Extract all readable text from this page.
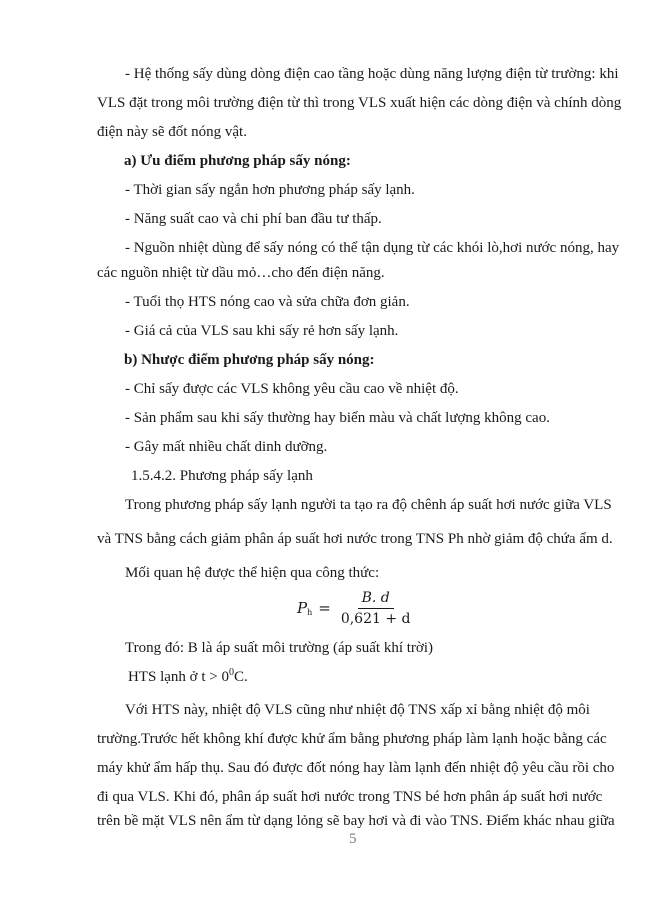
- Hệ thống sấy dùng dòng điện cao tầng hoặc dùng năng lượng điện từ trường: khi
VLS đặt trong môi trường điện từ thì trong VLS xuất hiện các dòng điện và chính dòng
điện này sẽ đốt nóng vật.
a) Ưu điểm phương pháp sấy nóng:
- Thời gian sấy ngắn hơn phương pháp sấy lạnh.
- Năng suất cao và chi phí ban đầu tư thấp.
- Nguồn nhiệt dùng để sấy nóng có thể tận dụng từ các khói lò,hơi nước nóng, hay
các nguồn nhiệt từ dầu mỏ…cho đến điện năng.
- Tuổi thọ HTS nóng cao và sửa chữa đơn giản.
- Giá cả của VLS sau khi sấy rẻ hơn sấy lạnh.
b) Nhược điểm phương pháp sấy nóng:
- Chỉ sấy được các VLS không yêu cầu cao về nhiệt độ.
- Sản phẩm sau khi sấy thường hay biến màu và chất lượng không cao.
- Gây mất nhiều chất dinh dưỡng.
1.5.4.2. Phương pháp sấy lạnh
Trong phương pháp sấy lạnh người ta tạo ra độ chênh áp suất hơi nước giữa VLS
và TNS bằng cách giảm phân áp suất hơi nước trong TNS Ph nhờ giảm độ chứa ẩm d.
Mối quan hệ được thể hiện qua công thức:
$P_h = \frac{B. d}{0,621 + d}$
Trong đó: B là áp suất môi trường (áp suất khí trời)
HTS lạnh ở $t > 0^0C$.
Với HTS này, nhiệt độ VLS cũng như nhiệt độ TNS xấp xỉ bằng nhiệt độ môi
trường.Trước hết không khí được khử ẩm bằng phương pháp làm lạnh hoặc bằng các
máy khử ẩm hấp thụ. Sau đó được đốt nóng hay làm lạnh đến nhiệt độ yêu cầu rồi cho
đi qua VLS. Khi đó, phân áp suất hơi nước trong TNS bé hơn phân áp suất hơi nước
trên bề mặt VLS nên ẩm từ dạng lỏng sẽ bay hơi và đi vào TNS. Điểm khác nhau giữa
5
